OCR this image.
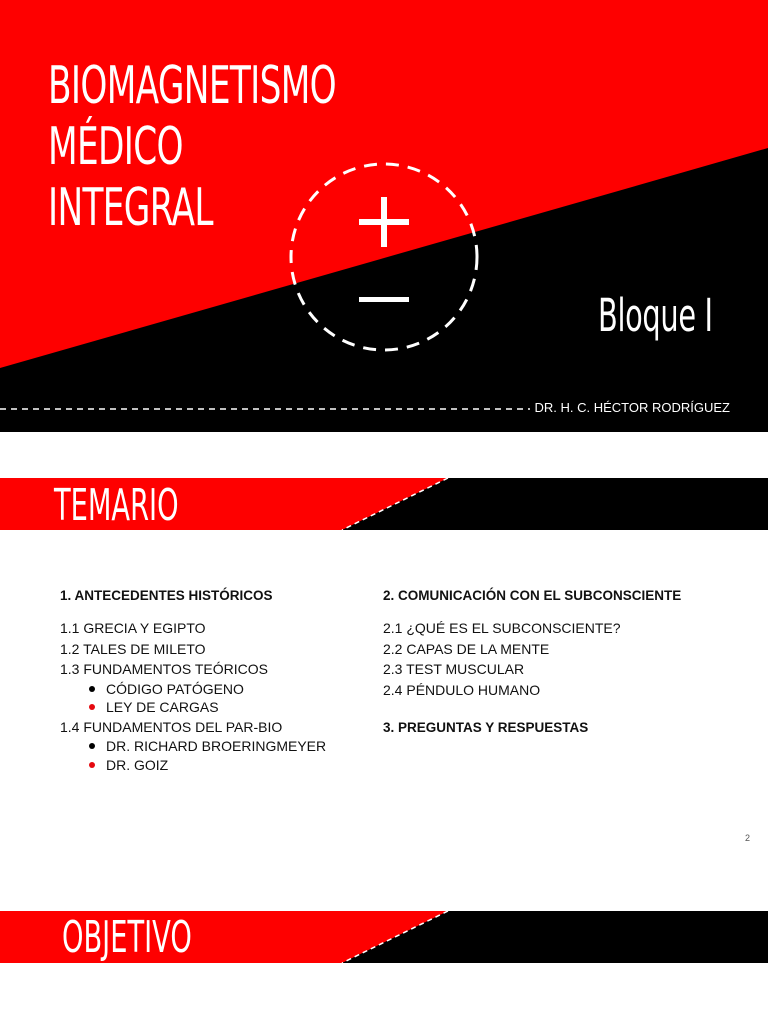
BIOMAGNETISMO
MÉDICO
INTEGRAL
Bloque I
DR. H. C. HÉCTOR RODRÍGUEZ
TEMARIO

1. ANTECEDENTES HISTÓRICOS

1.1 GRECIA Y EGIPTO

1.2 TALES DE MILETO

1.3 FUNDAMENTOS TEÓRICOS

CÓDIGO PATÓGENO

LEY DE CARGAS

1.4 FUNDAMENTOS DEL PAR-BIO

DR. RICHARD BROERINGMEYER

DR. GOIZ

2. COMUNICACIÓN CON EL SUBCONSCIENTE

2.1 ¿QUÉ ES EL SUBCONSCIENTE?

2.2 CAPAS DE LA MENTE

2.3 TEST MUSCULAR

2.4 PÉNDULO HUMANO

3. PREGUNTAS Y RESPUESTAS

2
OBJETIVO
